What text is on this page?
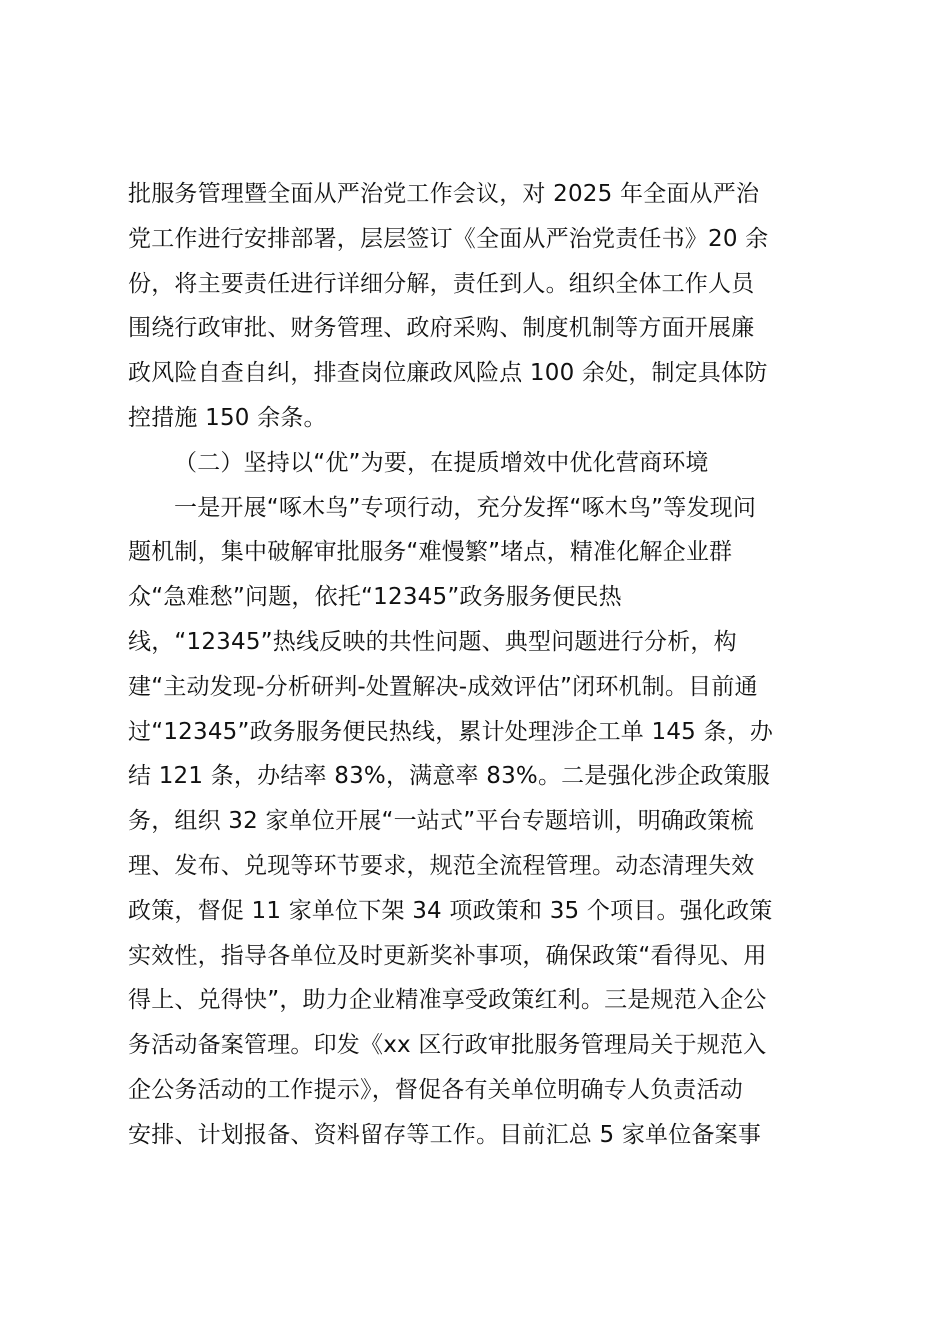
批服务管理暨全面从严治党工作会议，对 2025 年全面从严治
党工作进行安排部署，层层签订《全面从严治党责任书》20 余
份，将主要责任进行详细分解，责任到人。组织全体工作人员
围绕行政审批、财务管理、政府采购、制度机制等方面开展廉
政风险自查自纠，排查岗位廉政风险点 100 余处，制定具体防
控措施 150 余条。
（二）坚持以“优”为要，在提质增效中优化营商环境
一是开展“啄木鸟”专项行动，充分发挥“啄木鸟”等发现问
题机制，集中破解审批服务“难慢繁”堵点，精准化解企业群
众“急难愁”问题，依托“12345”政务服务便民热
线，“12345”热线反映的共性问题、典型问题进行分析，构
建“主动发现-分析研判-处置解决-成效评估”闭环机制。目前通
过“12345”政务服务便民热线，累计处理涉企工单 145 条，办
结 121 条，办结率 83%，满意率 83%。二是强化涉企政策服
务，组织 32 家单位开展“一站式”平台专题培训，明确政策梳
理、发布、兑现等环节要求，规范全流程管理。动态清理失效
政策，督促 11 家单位下架 34 项政策和 35 个项目。强化政策
实效性，指导各单位及时更新奖补事项，确保政策“看得见、用
得上、兑得快”，助力企业精准享受政策红利。三是规范入企公
务活动备案管理。印发《xx 区行政审批服务管理局关于规范入
企公务活动的工作提示》，督促各有关单位明确专人负责活动
安排、计划报备、资料留存等工作。目前汇总 5 家单位备案事
